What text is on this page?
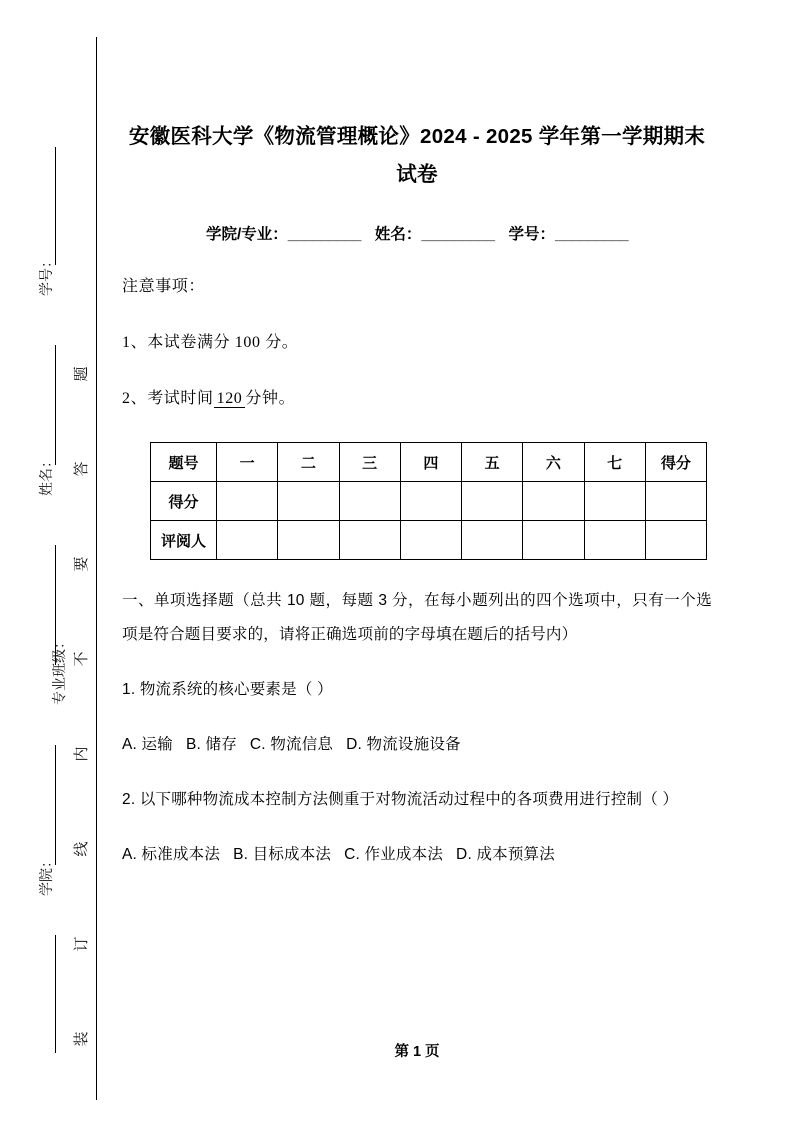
学号：
姓名：
专业班级：
学院：
题
答
要
不
内
线
订
装
安徽医科大学《物流管理概论》2024 - 2025 学年第一学期期末试卷
学院/专业：_________ 姓名：_________ 学号：_________
注意事项：
1、本试卷满分 100 分。
2、考试时间 120 分钟。
题号	一	二	三	四	五	六	七	得分
得分								
评阅人								
一、单项选择题（总共 10 题，每题 3 分，在每小题列出的四个选项中，只有一个选项是符合题目要求的，请将正确选项前的字母填在题后的括号内）
1. 物流系统的核心要素是（ ）
A. 运输 B. 储存 C. 物流信息 D. 物流设施设备
2. 以下哪种物流成本控制方法侧重于对物流活动过程中的各项费用进行控制（ ）
A. 标准成本法 B. 目标成本法 C. 作业成本法 D. 成本预算法
第 1 页
